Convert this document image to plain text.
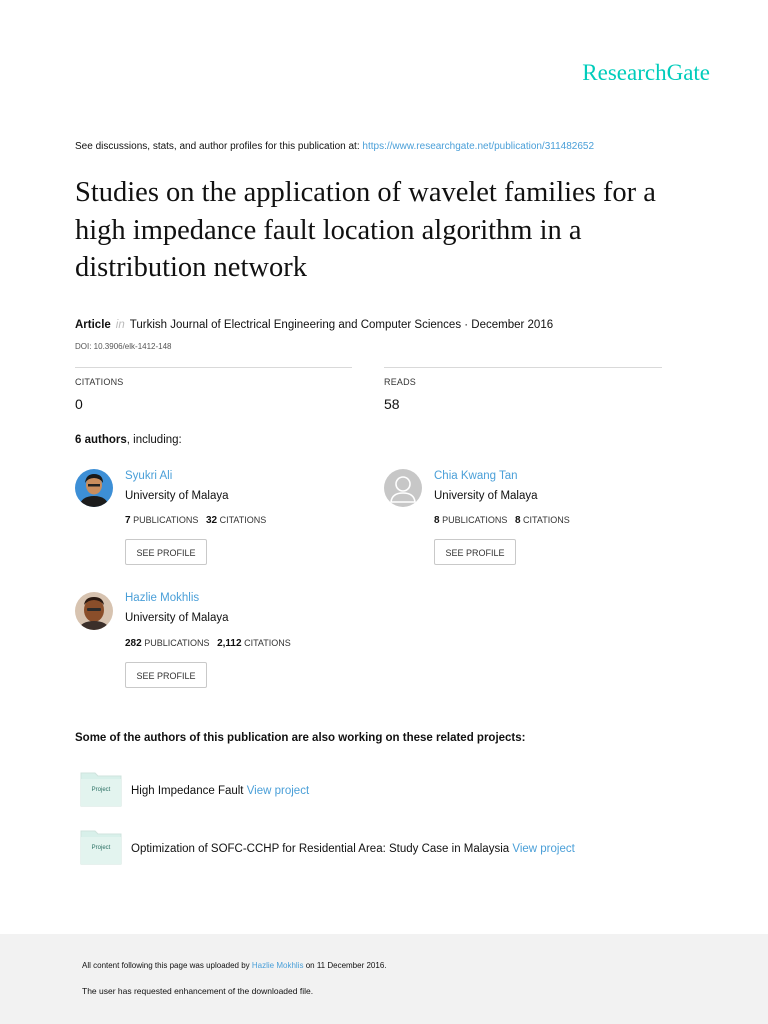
ResearchGate
See discussions, stats, and author profiles for this publication at: https://www.researchgate.net/publication/311482652
Studies on the application of wavelet families for a high impedance fault location algorithm in a distribution network
Article in Turkish Journal of Electrical Engineering and Computer Sciences · December 2016
DOI: 10.3906/elk-1412-148
CITATIONS
0
READS
58
6 authors, including:
Syukri Ali
University of Malaya
7 PUBLICATIONS 32 CITATIONS
SEE PROFILE
Chia Kwang Tan
University of Malaya
8 PUBLICATIONS 8 CITATIONS
SEE PROFILE
Hazlie Mokhlis
University of Malaya
282 PUBLICATIONS 2,112 CITATIONS
SEE PROFILE
Some of the authors of this publication are also working on these related projects:
Project	High Impedance Fault View project
Project	Optimization of SOFC-CCHP for Residential Area: Study Case in Malaysia View project
All content following this page was uploaded by Hazlie Mokhlis on 11 December 2016.
The user has requested enhancement of the downloaded file.
